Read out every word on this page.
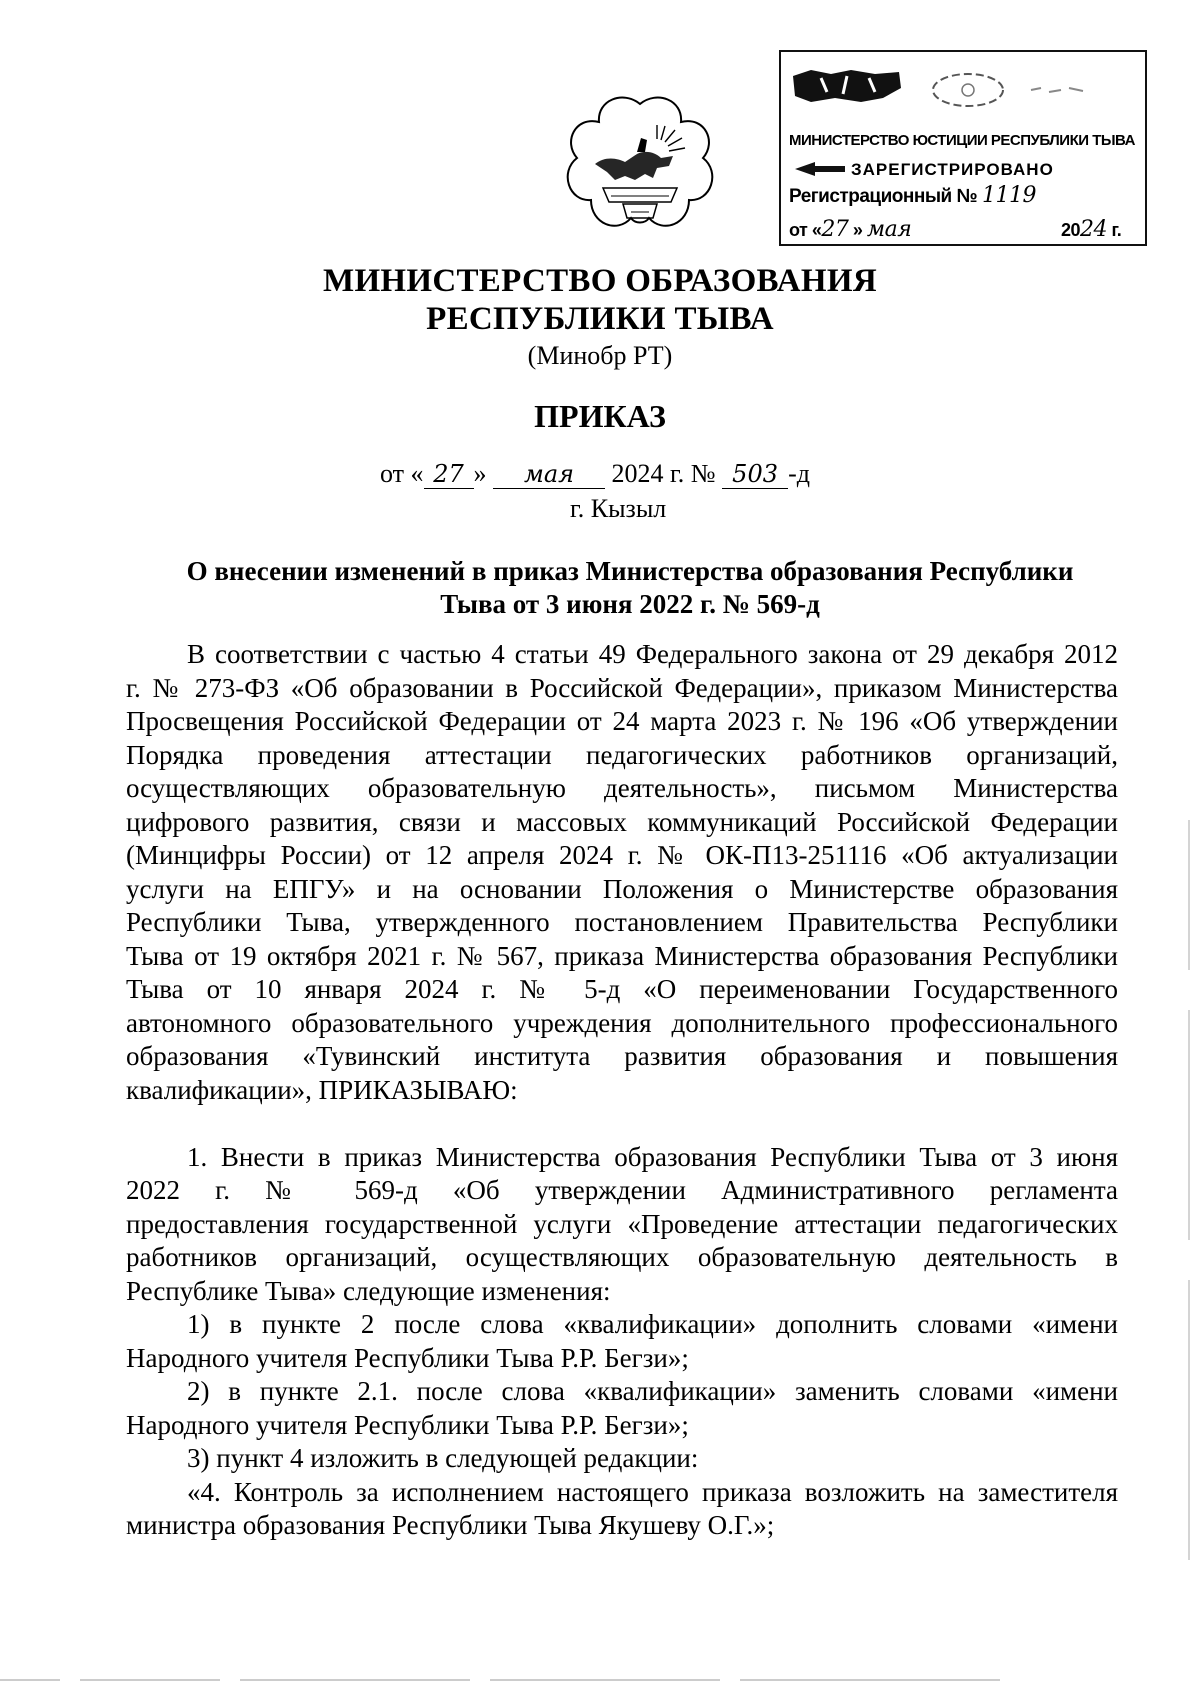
МИНИСТЕРСТВО ЮСТИЦИИ РЕСПУБЛИКИ ТЫВА
ЗАРЕГИСТРИРОВАНО
Регистрационный № 1119
от «27 » мая	2024 г.
МИНИСТЕРСТВО ОБРАЗОВАНИЯ
РЕСПУБЛИКИ ТЫВА
(Минобр РТ)
ПРИКАЗ
от « 27 » мая 2024 г. № 503 -д
г. Кызыл
О внесении изменений в приказ Министерства образования Республики
Тыва от 3 июня 2022 г. № 569-д
В соответствии с частью 4 статьи 49 Федерального закона от 29 декабря 2012
г. № 273-ФЗ «Об образовании в Российской Федерации», приказом Министерства
Просвещения Российской Федерации от 24 марта 2023 г. № 196 «Об утверждении
Порядка проведения аттестации педагогических работников организаций,
осуществляющих образовательную деятельность», письмом Министерства
цифрового развития, связи и массовых коммуникаций Российской Федерации
(Минцифры России) от 12 апреля 2024 г. № ОК-П13-251116 «Об актуализации
услуги на ЕПГУ» и на основании Положения о Министерстве образования
Республики Тыва, утвержденного постановлением Правительства Республики
Тыва от 19 октября 2021 г. № 567, приказа Министерства образования Республики
Тыва от 10 января 2024 г. № 5-д «О переименовании Государственного
автономного образовательного учреждения дополнительного профессионального
образования «Тувинский института развития образования и повышения
квалификации», ПРИКАЗЫВАЮ:
1. Внести в приказ Министерства образования Республики Тыва от 3 июня
2022 г. № 569-д «Об утверждении Административного регламента
предоставления государственной услуги «Проведение аттестации педагогических
работников организаций, осуществляющих образовательную деятельность в
Республике Тыва» следующие изменения:
1) в пункте 2 после слова «квалификации» дополнить словами «имени
Народного учителя Республики Тыва Р.Р. Бегзи»;
2) в пункте 2.1. после слова «квалификации» заменить словами «имени
Народного учителя Республики Тыва Р.Р. Бегзи»;
3) пункт 4 изложить в следующей редакции:
«4. Контроль за исполнением настоящего приказа возложить на заместителя
министра образования Республики Тыва Якушеву О.Г.»;
